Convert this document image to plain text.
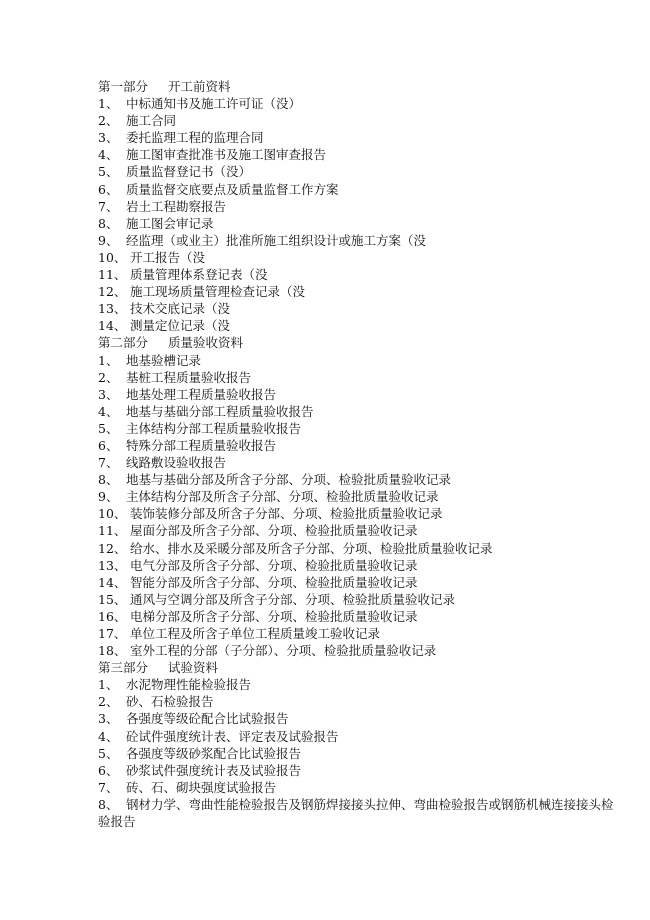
第一部分 开工前资料
1、 中标通知书及施工许可证（没）
2、 施工合同
3、 委托监理工程的监理合同
4、 施工图审查批准书及施工图审查报告
5、 质量监督登记书（没）
6、 质量监督交底要点及质量监督工作方案
7、 岩土工程勘察报告
8、 施工图会审记录
9、 经监理（或业主）批准所施工组织设计或施工方案（没
10、 开工报告（没
11、 质量管理体系登记表（没
12、 施工现场质量管理检查记录（没
13、 技术交底记录（没
14、 测量定位记录（没
第二部分 质量验收资料
1、 地基验槽记录
2、 基桩工程质量验收报告
3、 地基处理工程质量验收报告
4、 地基与基础分部工程质量验收报告
5、 主体结构分部工程质量验收报告
6、 特殊分部工程质量验收报告
7、 线路敷设验收报告
8、 地基与基础分部及所含子分部、分项、检验批质量验收记录
9、 主体结构分部及所含子分部、分项、检验批质量验收记录
10、 装饰装修分部及所含子分部、分项、检验批质量验收记录
11、 屋面分部及所含子分部、分项、检验批质量验收记录
12、 给水、排水及采暖分部及所含子分部、分项、检验批质量验收记录
13、 电气分部及所含子分部、分项、检验批质量验收记录
14、 智能分部及所含子分部、分项、检验批质量验收记录
15、 通风与空调分部及所含子分部、分项、检验批质量验收记录
16、 电梯分部及所含子分部、分项、检验批质量验收记录
17、 单位工程及所含子单位工程质量竣工验收记录
18、 室外工程的分部（子分部）、分项、检验批质量验收记录
第三部分 试验资料
1、 水泥物理性能检验报告
2、 砂、石检验报告
3、 各强度等级砼配合比试验报告
4、 砼试件强度统计表、评定表及试验报告
5、 各强度等级砂浆配合比试验报告
6、 砂浆试件强度统计表及试验报告
7、 砖、石、砌块强度试验报告
8、 钢材力学、弯曲性能检验报告及钢筋焊接接头拉伸、弯曲检验报告或钢筋机械连接接头检验报告
